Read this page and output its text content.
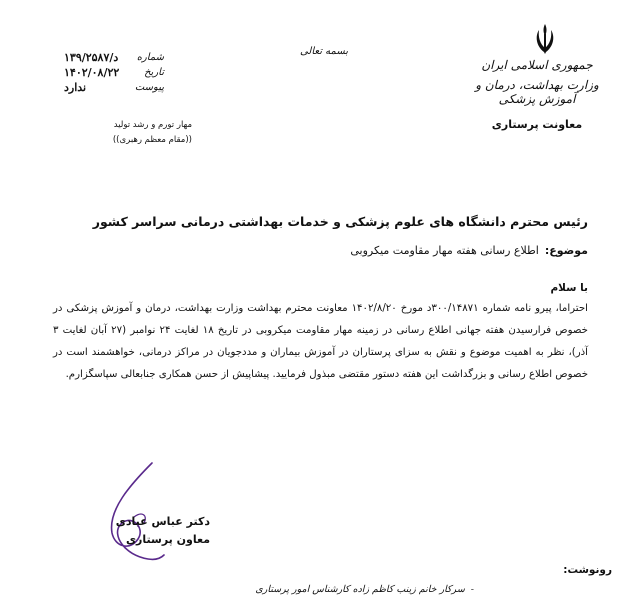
جمهوری اسلامی ایران
وزارت بهداشت، درمان و آموزش پزشکی
معاونت پرستاری
بسمه تعالی
شماره
د/۱۳۹/۲۵۸۷
تاریخ
۱۴۰۲/۰۸/۲۲
پیوست
ندارد
مهار تورم و رشد تولید
((مقام معظم رهبری))
رئیس محترم دانشگاه های علوم پزشکی و خدمات بهداشتی درمانی سراسر کشور
موضوع:
اطلاع رسانی هفته مهار مقاومت میکروبی
با سلام
احتراما، پیرو نامه شماره ۳۰۰/۱۴۸۷۱د مورخ ۱۴۰۲/۸/۲۰ معاونت محترم بهداشت وزارت بهداشت، درمان و آموزش پزشکی در خصوص فرارسیدن هفته جهانی اطلاع رسانی در زمینه مهار مقاومت میکروبی در تاریخ ۱۸ لغایت ۲۴ نوامبر (۲۷ آبان لغایت ۳ آذر)، نظر به اهمیت موضوع و نقش به سزای پرستاران در آموزش بیماران و مددجویان در مراکز درمانی، خواهشمند است در خصوص اطلاع رسانی و بزرگداشت این هفته دستور مقتضی مبذول فرمایید. پیشاپیش از حسن همکاری جنابعالی سپاسگزارم.
دکتر عباس عبادی
معاون پرستاری
رونوشت:
-
سرکار خانم زینب کاظم زاده کارشناس امور پرستاری
